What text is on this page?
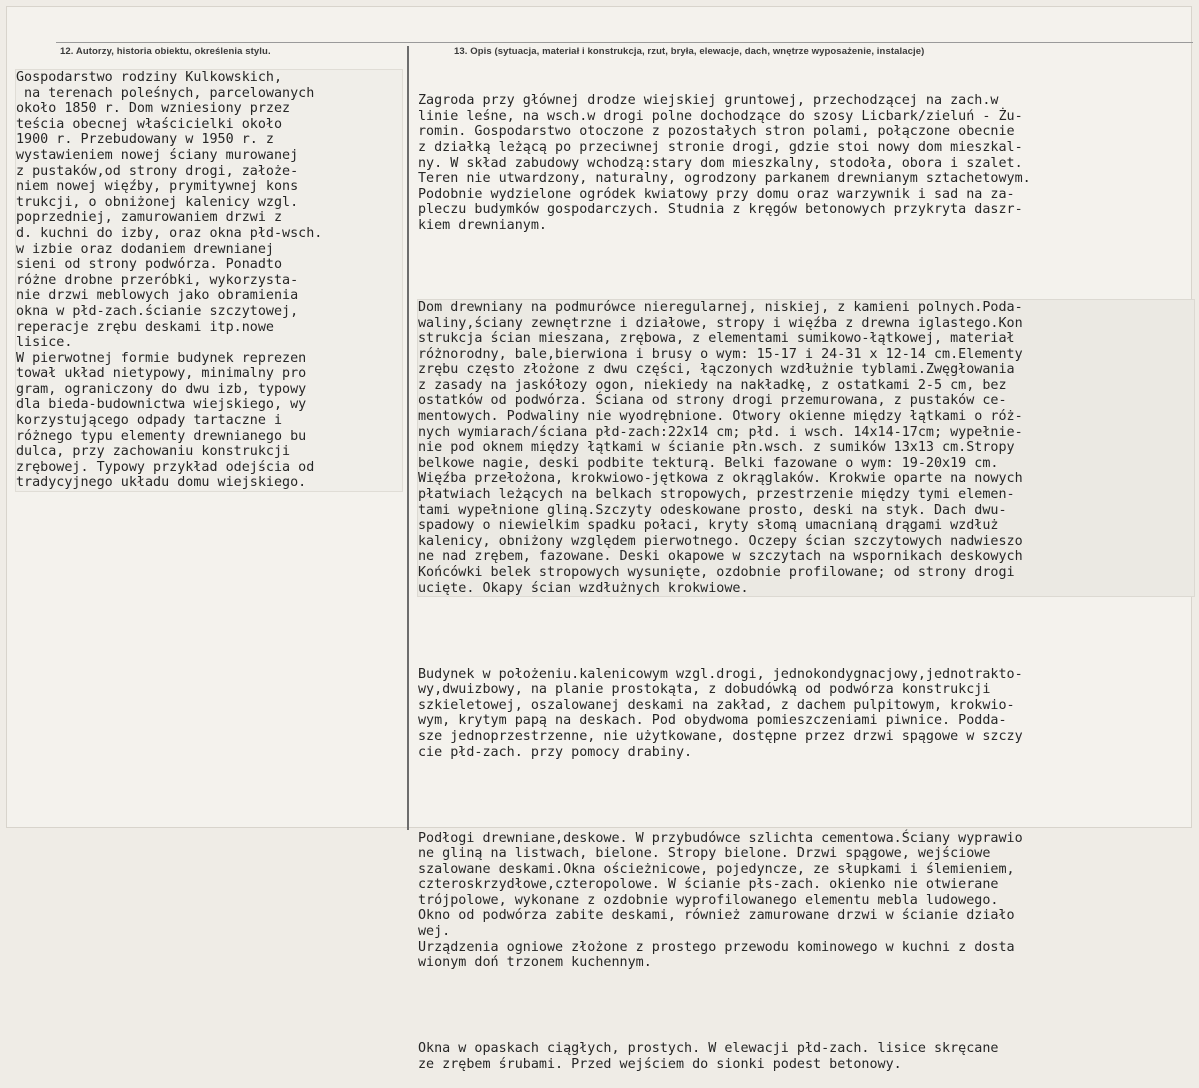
12. Autorzy, historia obiektu, określenia stylu.	13. Opis (sytuacja, materiał i konstrukcja, rzut, bryła, elewacje, dach, wnętrze wyposażenie, instalacje)
Gospodarstwo rodziny Kulkowskich,
na terenach poleśnych, parcelowanych
około 1850 r. Dom wzniesiony przez
teścia obecnej właścicielki około
1900 r. Przebudowany w 1950 r. z
wystawieniem nowej ściany murowanej
z pustaków,od strony drogi, założe-
niem nowej więźby, prymitywnej kons
trukcji, o obniżonej kalenicy wzgl.
poprzedniej, zamurowaniem drzwi z
d. kuchni do izby, oraz okna płd-wsch.
w izbie oraz dodaniem drewnianej
sieni od strony podwórza. Ponadto
różne drobne przeróbki, wykorzysta-
nie drzwi meblowych jako obramienia
okna w płd-zach.ścianie szczytowej,
reperacje zrębu deskami itp.nowe
lisice.
W pierwotnej formie budynek reprezen
tował układ nietypowy, minimalny pro
gram, ograniczony do dwu izb, typowy
dla bieda-budownictwa wiejskiego, wy
korzystującego odpady tartaczne i
różnego typu elementy drewnianego bu
dulca, przy zachowaniu konstrukcji
zrębowej. Typowy przykład odejścia od
tradycyjnego układu domu wiejskiego.

Zagroda przy głównej drodze wiejskiej gruntowej, przechodzącej na zach.w
linie leśne, na wsch.w drogi polne dochodzące do szosy Licbark/zieluń - Żu-
romin. Gospodarstwo otoczone z pozostałych stron polami, połączone obecnie
z działką leżącą po przeciwnej stronie drogi, gdzie stoi nowy dom mieszkal-
ny. W skład zabudowy wchodzą:stary dom mieszkalny, stodoła, obora i szalet.
Teren nie utwardzony, naturalny, ogrodzony parkanem drewnianym sztachetowym.
Podobnie wydzielone ogródek kwiatowy przy domu oraz warzywnik i sad na za-
pleczu budymków gospodarczych. Studnia z kręgów betonowych przykryta daszr-
kiem drewnianym.

Dom drewniany na podmurówce nieregularnej, niskiej, z kamieni polnych.Poda-
waliny,ściany zewnętrzne i działowe, stropy i więźba z drewna iglastego.Kon
strukcja ścian mieszana, zrębowa, z elementami sumikowo-łątkowej, materiał
różnorodny, bale,bierwiona i brusy o wym: 15-17 i 24-31 x 12-14 cm.Elementy
zrębu często złożone z dwu części, łączonych wzdłużnie tyblami.Zwęgłowania
z zasady na jaskółozy ogon, niekiedy na nakładkę, z ostatkami 2-5 cm, bez
ostatków od podwórza. Ściana od strony drogi przemurowana, z pustaków ce-
mentowych. Podwaliny nie wyodrębnione. Otwory okienne między łątkami o róż-
nych wymiarach/ściana płd-zach:22x14 cm; płd. i wsch. 14x14-17cm; wypełnie-
nie pod oknem między łątkami w ścianie płn.wsch. z sumików 13x13 cm.Stropy
belkowe nagie, deski podbite tekturą. Belki fazowane o wym: 19-20x19 cm.
Więźba przełożona, krokwiowo-jętkowa z okrąglaków. Krokwie oparte na nowych
płatwiach leżących na belkach stropowych, przestrzenie między tymi elemen-
tami wypełnione gliną.Szczyty odeskowane prosto, deski na styk. Dach dwu-
spadowy o niewielkim spadku połaci, kryty słomą umacnianą drągami wzdłuż
kalenicy, obniżony względem pierwotnego. Oczepy ścian szczytowych nadwieszo
ne nad zrębem, fazowane. Deski okapowe w szczytach na wspornikach deskowych
Końcówki belek stropowych wysunięte, ozdobnie profilowane; od strony drogi
ucięte. Okapy ścian wzdłużnych krokwiowe.

Budynek w położeniu.kalenicowym wzgl.drogi, jednokondygnacjowy,jednotrakto-
wy,dwuizbowy, na planie prostokąta, z dobudówką od podwórza konstrukcji
szkieletowej, oszalowanej deskami na zakład, z dachem pulpitowym, krokwio-
wym, krytym papą na deskach. Pod obydwoma pomieszczeniami piwnice. Podda-
sze jednoprzestrzenne, nie użytkowane, dostępne przez drzwi spągowe w szczy
cie płd-zach. przy pomocy drabiny.

Podłogi drewniane,deskowe. W przybudówce szlichta cementowa.Ściany wyprawio
ne gliną na listwach, bielone. Stropy bielone. Drzwi spągowe, wejściowe
szalowane deskami.Okna ościeżnicowe, pojedyncze, ze słupkami i ślemieniem,
czteroskrzydłowe,czteropolowe. W ścianie płs-zach. okienko nie otwierane
trójpolowe, wykonane z ozdobnie wyprofilowanego elementu mebla ludowego.
Okno od podwórza zabite deskami, również zamurowane drzwi w ścianie działo
wej.
Urządzenia ogniowe złożone z prostego przewodu kominowego w kuchni z dosta
wionym doń trzonem kuchennym.

Okna w opaskach ciągłych, prostych. W elewacji płd-zach. lisice skręcane
ze zrębem śrubami. Przed wejściem do sionki podest betonowy.
